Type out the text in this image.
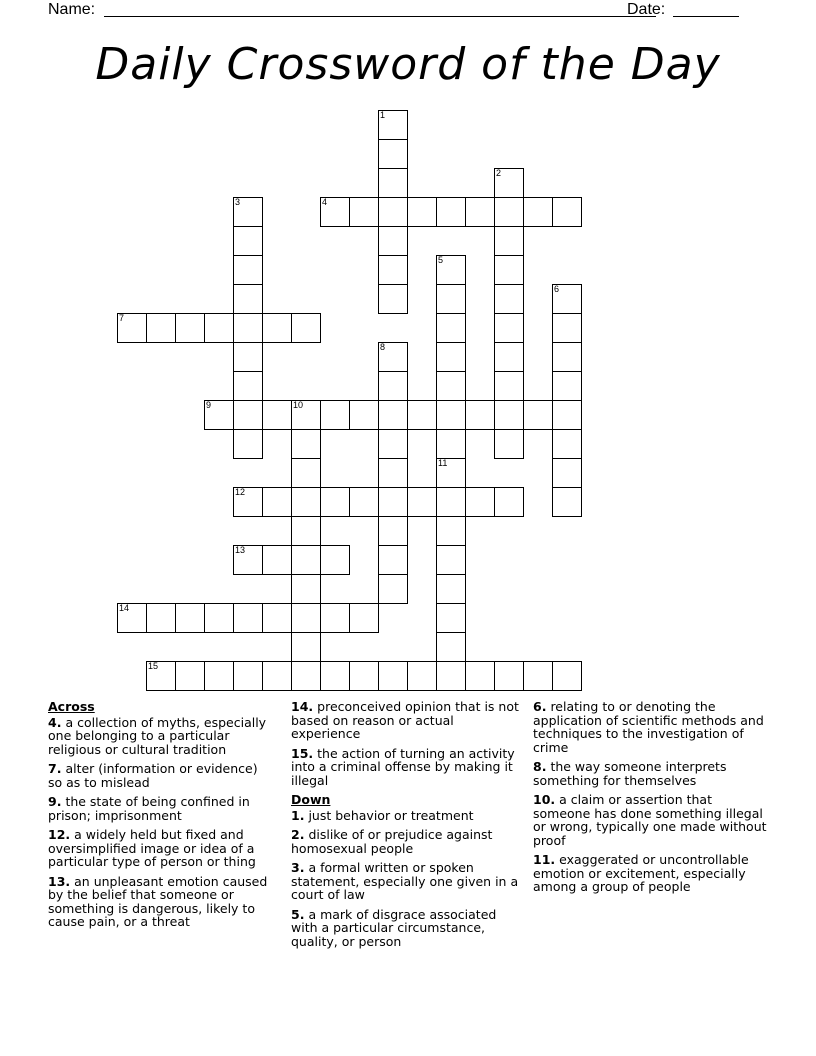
Name:	Date:
Daily Crossword of the Day
4
7
9	10
12
13
14
15
1
2
3
5
11
6
8
Across
4. a collection of myths, especially one belonging to a particular religious or cultural tradition
7. alter (information or evidence) so as to mislead
9. the state of being confined in prison; imprisonment
12. a widely held but fixed and oversimplified image or idea of a particular type of person or thing
13. an unpleasant emotion caused by the belief that someone or something is dangerous, likely to cause pain, or a threat
14. preconceived opinion that is not based on reason or actual experience
15. the action of turning an activity into a criminal offense by making it illegal
Down
1. just behavior or treatment
2. dislike of or prejudice against homosexual people
3. a formal written or spoken statement, especially one given in a court of law
5. a mark of disgrace associated with a particular circumstance, quality, or person
6. relating to or denoting the application of scientific methods and techniques to the investigation of crime
8. the way someone interprets something for themselves
10. a claim or assertion that someone has done something illegal or wrong, typically one made without proof
11. exaggerated or uncontrollable emotion or excitement, especially among a group of people
